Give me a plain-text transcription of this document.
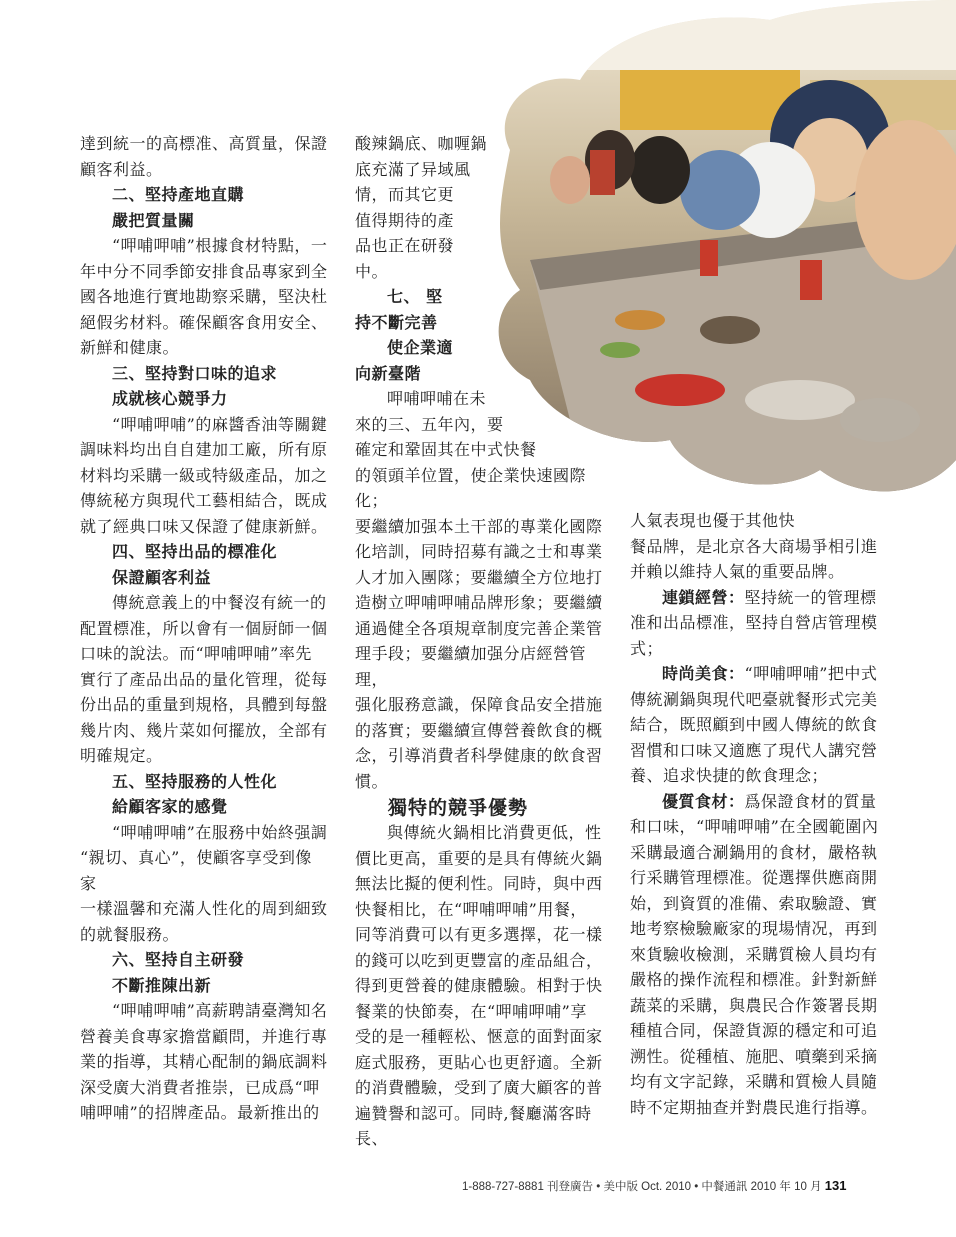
達到統一的高標准、高質量，保證

顧客利益。

二、堅持產地直購

嚴把質量關

“呷哺呷哺”根據食材特點，一

年中分不同季節安排食品專家到全

國各地進行實地勘察采購，堅決杜

絕假劣材料。確保顧客食用安全、

新鮮和健康。

三、堅持對口味的追求

成就核心競爭力

“呷哺呷哺”的麻醬香油等關鍵

調味料均出自自建加工廠，所有原

材料均采購一級或特級產品，加之

傳統秘方與現代工藝相結合，既成

就了經典口味又保證了健康新鮮。

四、堅持出品的標准化

保證顧客利益

傳統意義上的中餐沒有統一的

配置標准，所以會有一個厨師一個

口味的說法。而“呷哺呷哺”率先

實行了產品出品的量化管理，從每

份出品的重量到規格，具體到每盤

幾片肉、幾片菜如何擺放，全部有

明確規定。

五、堅持服務的人性化

給顧客家的感覺

“呷哺呷哺”在服務中始終强調

“親切、真心”，使顧客享受到像家

一樣溫馨和充滿人性化的周到細致

的就餐服務。

六、堅持自主研發

不斷推陳出新

“呷哺呷哺”高薪聘請臺灣知名

營養美食專家擔當顧問，并進行專

業的指導，其精心配制的鍋底調料

深受廣大消費者推崇，已成爲“呷

哺呷哺”的招牌產品。最新推出的

酸辣鍋底、咖喱鍋

底充滿了异域風

情，而其它更

值得期待的產

品也正在研發

中。

七、 堅

持不斷完善

使企業適

向新臺階

呷哺呷哺在未

來的三、五年內，要

確定和鞏固其在中式快餐

的領頭羊位置，使企業快速國際化；

要繼續加强本土干部的專業化國際

化培訓，同時招募有識之士和專業

人才加入團隊；要繼續全方位地打

造樹立呷哺呷哺品牌形象；要繼續

通過健全各項規章制度完善企業管

理手段；要繼續加强分店經營管理，

强化服務意識，保障食品安全措施

的落實；要繼續宣傳營養飲食的概

念，引導消費者科學健康的飲食習

慣。

獨特的競爭優勢

與傳統火鍋相比消費更低，性

價比更高，重要的是具有傳統火鍋

無法比擬的便利性。同時，與中西

快餐相比，在“呷哺呷哺”用餐，

同等消費可以有更多選擇，花一樣

的錢可以吃到更豐富的產品組合，

得到更營養的健康體驗。相對于快

餐業的快節奏，在“呷哺呷哺”享

受的是一種輕松、愜意的面對面家

庭式服務，更貼心也更舒適。全新

的消費體驗，受到了廣大顧客的普

遍贊譽和認可。同時,餐廳滿客時長、

人氣表現也優于其他快

餐品牌，是北京各大商場爭相引進

并賴以維持人氣的重要品牌。

連鎖經營：堅持統一的管理標

准和出品標准，堅持自營店管理模

式；

時尚美食：“呷哺呷哺”把中式

傳統涮鍋與現代吧臺就餐形式完美

結合，既照顧到中國人傳統的飲食

習慣和口味又適應了現代人講究營

養、追求快捷的飲食理念；

優質食材：爲保證食材的質量

和口味，“呷哺呷哺”在全國範圍內

采購最適合涮鍋用的食材，嚴格執

行采購管理標准。從選擇供應商開

始，到資質的准備、索取驗證、實

地考察檢驗廠家的現場情况，再到

來貨驗收檢測，采購質檢人員均有

嚴格的操作流程和標准。針對新鮮

蔬菜的采購，與農民合作簽署長期

種植合同，保證貨源的穩定和可追

溯性。從種植、施肥、噴藥到采摘

均有文字記錄，采購和質檢人員隨

時不定期抽查并對農民進行指導。

1-888-727-8881 刊登廣告 • 美中版 Oct. 2010 • 中餐通訊 2010 年 10 月 131
